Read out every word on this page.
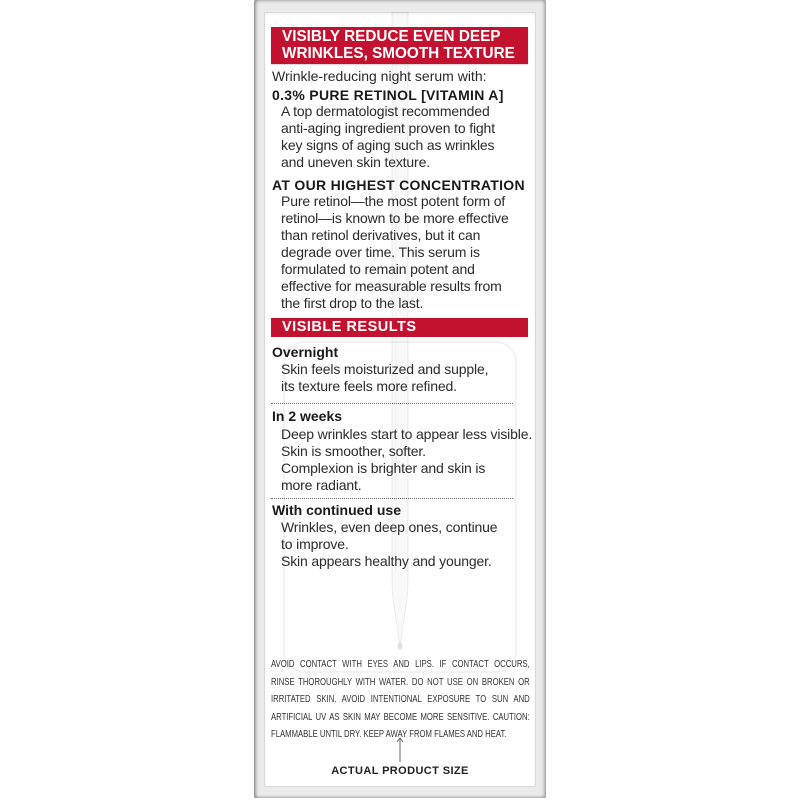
VISIBLY REDUCE EVEN DEEP
WRINKLES, SMOOTH TEXTURE
Wrinkle-reducing night serum with:
0.3% PURE RETINOL [VITAMIN A]
A top dermatologist recommended
anti-aging ingredient proven to fight
key signs of aging such as wrinkles
and uneven skin texture.
AT OUR HIGHEST CONCENTRATION
Pure retinol—the most potent form of
retinol—is known to be more effective
than retinol derivatives, but it can
degrade over time. This serum is
formulated to remain potent and
effective for measurable results from
the first drop to the last.
VISIBLE RESULTS
Overnight
Skin feels moisturized and supple,
its texture feels more refined.
In 2 weeks
Deep wrinkles start to appear less visible.
Skin is smoother, softer.
Complexion is brighter and skin is
more radiant.
With continued use
Wrinkles, even deep ones, continue
to improve.
Skin appears healthy and younger.
AVOID CONTACT WITH EYES AND LIPS. IF CONTACT OCCURS,
RINSE THOROUGHLY WITH WATER. DO NOT USE ON BROKEN OR
IRRITATED SKIN. AVOID INTENTIONAL EXPOSURE TO SUN AND
ARTIFICIAL UV AS SKIN MAY BECOME MORE SENSITIVE. CAUTION:
FLAMMABLE UNTIL DRY. KEEP AWAY FROM FLAMES AND HEAT.
ACTUAL PRODUCT SIZE
